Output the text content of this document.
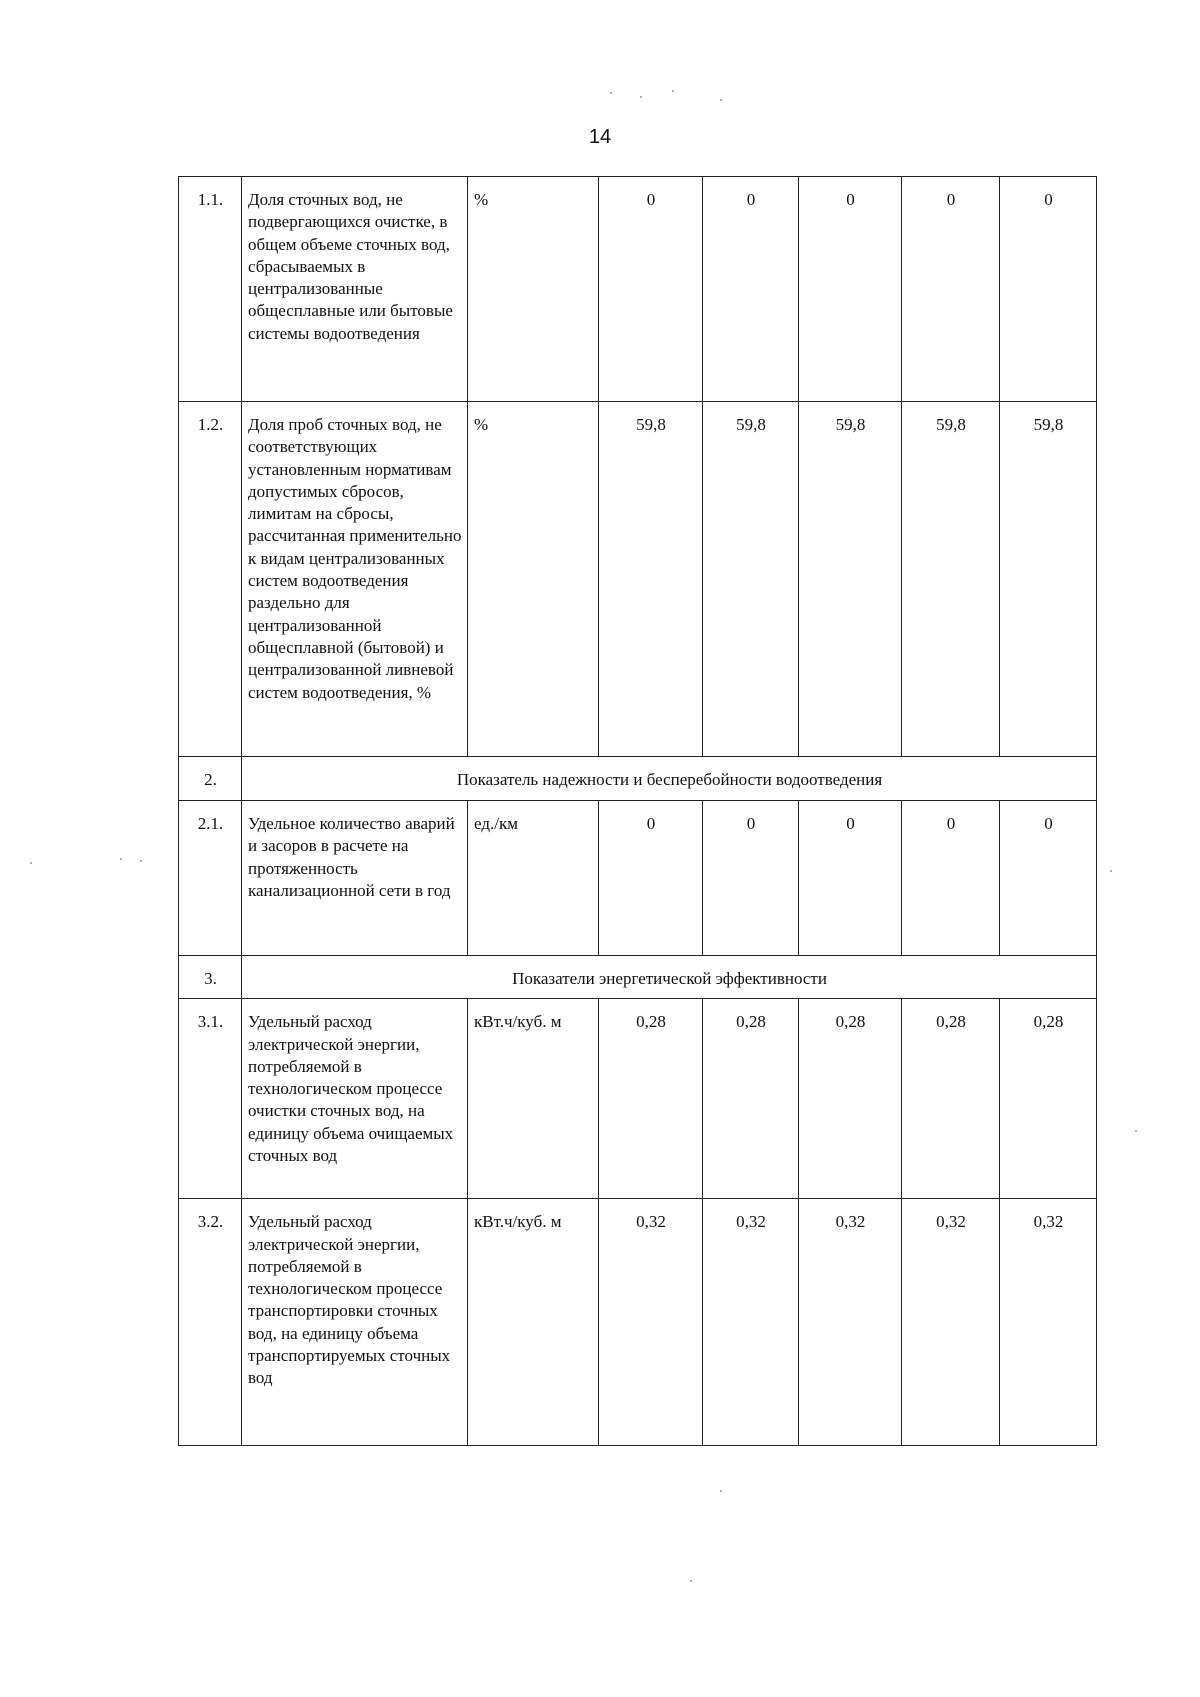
14
1.1.	Доля сточных вод, не подвергающихся очистке, в общем объеме сточных вод, сбрасываемых в централизованные общесплавные или бытовые системы водоотведения	%	0	0	0	0	0
1.2.	Доля проб сточных вод, не соответствующих установленным нормативам допустимых сбросов, лимитам на сбросы, рассчитанная применительно к видам централизованных систем водоотведения раздельно для централизованной общесплавной (бытовой) и централизованной ливневой систем водоотведения, %	%	59,8	59,8	59,8	59,8	59,8
2.	Показатель надежности и бесперебойности водоотведения						
2.1.	Удельное количество аварий и засоров в расчете на протяженность канализационной сети в год	ед./км	0	0	0	0	0
3.	Показатели энергетической эффективности						
3.1.	Удельный расход электрической энергии, потребляемой в технологическом процессе очистки сточных вод, на единицу объема очищаемых сточных вод	кВт.ч/куб. м	0,28	0,28	0,28	0,28	0,28
3.2.	Удельный расход электрической энергии, потребляемой в технологическом процессе транспортировки сточных вод, на единицу объема транспортируемых сточных вод	кВт.ч/куб. м	0,32	0,32	0,32	0,32	0,32
